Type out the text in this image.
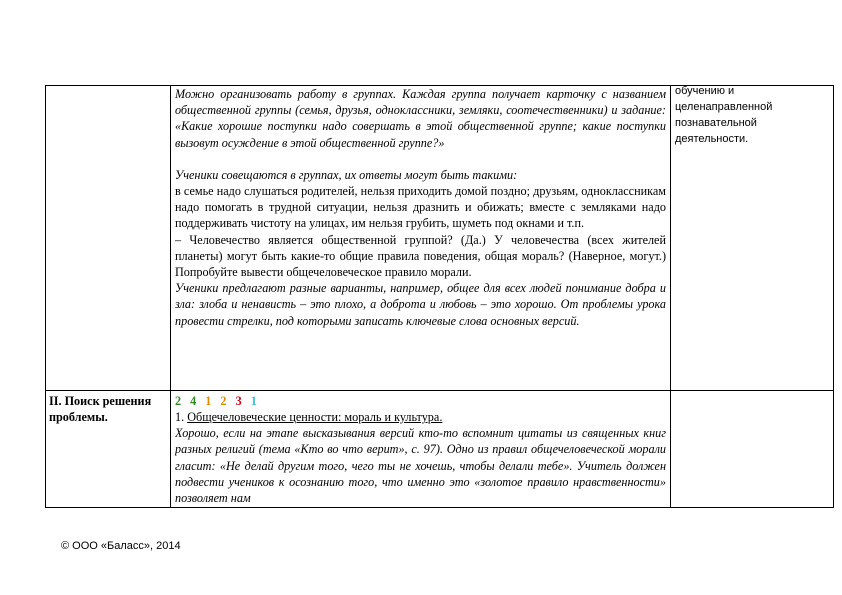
Можно организовать работу в группах. Каждая группа получает карточку с названием общественной группы (семья, друзья, одноклассники, земляки, соотечественники) и задание: «Какие хорошие поступки надо совершать в этой общественной группе; какие поступки вызовут осуждение в этой общественной группе?»

Ученики совещаются в группах, их ответы могут быть такими:

в семье надо слушаться родителей, нельзя приходить домой поздно; друзьям, одноклассникам надо помогать в трудной ситуации, нельзя дразнить и обижать; вместе с земляками надо поддерживать чистоту на улицах, им нельзя грубить, шуметь под окнами и т.п.

– Человечество является общественной группой? (Да.) У человечества (всех жителей планеты) могут быть какие-то общие правила поведения, общая мораль? (Наверное, могут.) Попробуйте вывести общечеловеческое правило морали.

Ученики предлагают разные варианты, например, общее для всех людей понимание добра и зла: злоба и ненависть – это плохо, а доброта и любовь – это хорошо. От проблемы урока провести стрелки, под которыми записать ключевые слова основных версий.

обучению и
целенаправленной
познавательной
деятельности.
II. Поиск решения проблемы.
2 4 1 2 3 1

1. Общечеловеческие ценности: мораль и культура.

Хорошо, если на этапе высказывания версий кто-то вспомнит цитаты из священных книг разных религий (тема «Кто во что верит», с. 97). Одно из правил общечеловеческой морали гласит: «Не делай другим того, чего ты не хочешь, чтобы делали тебе». Учитель должен подвести учеников к осознанию того, что именно это «золотое правило нравственности» позволяет нам

© ООО «Баласс», 2014
